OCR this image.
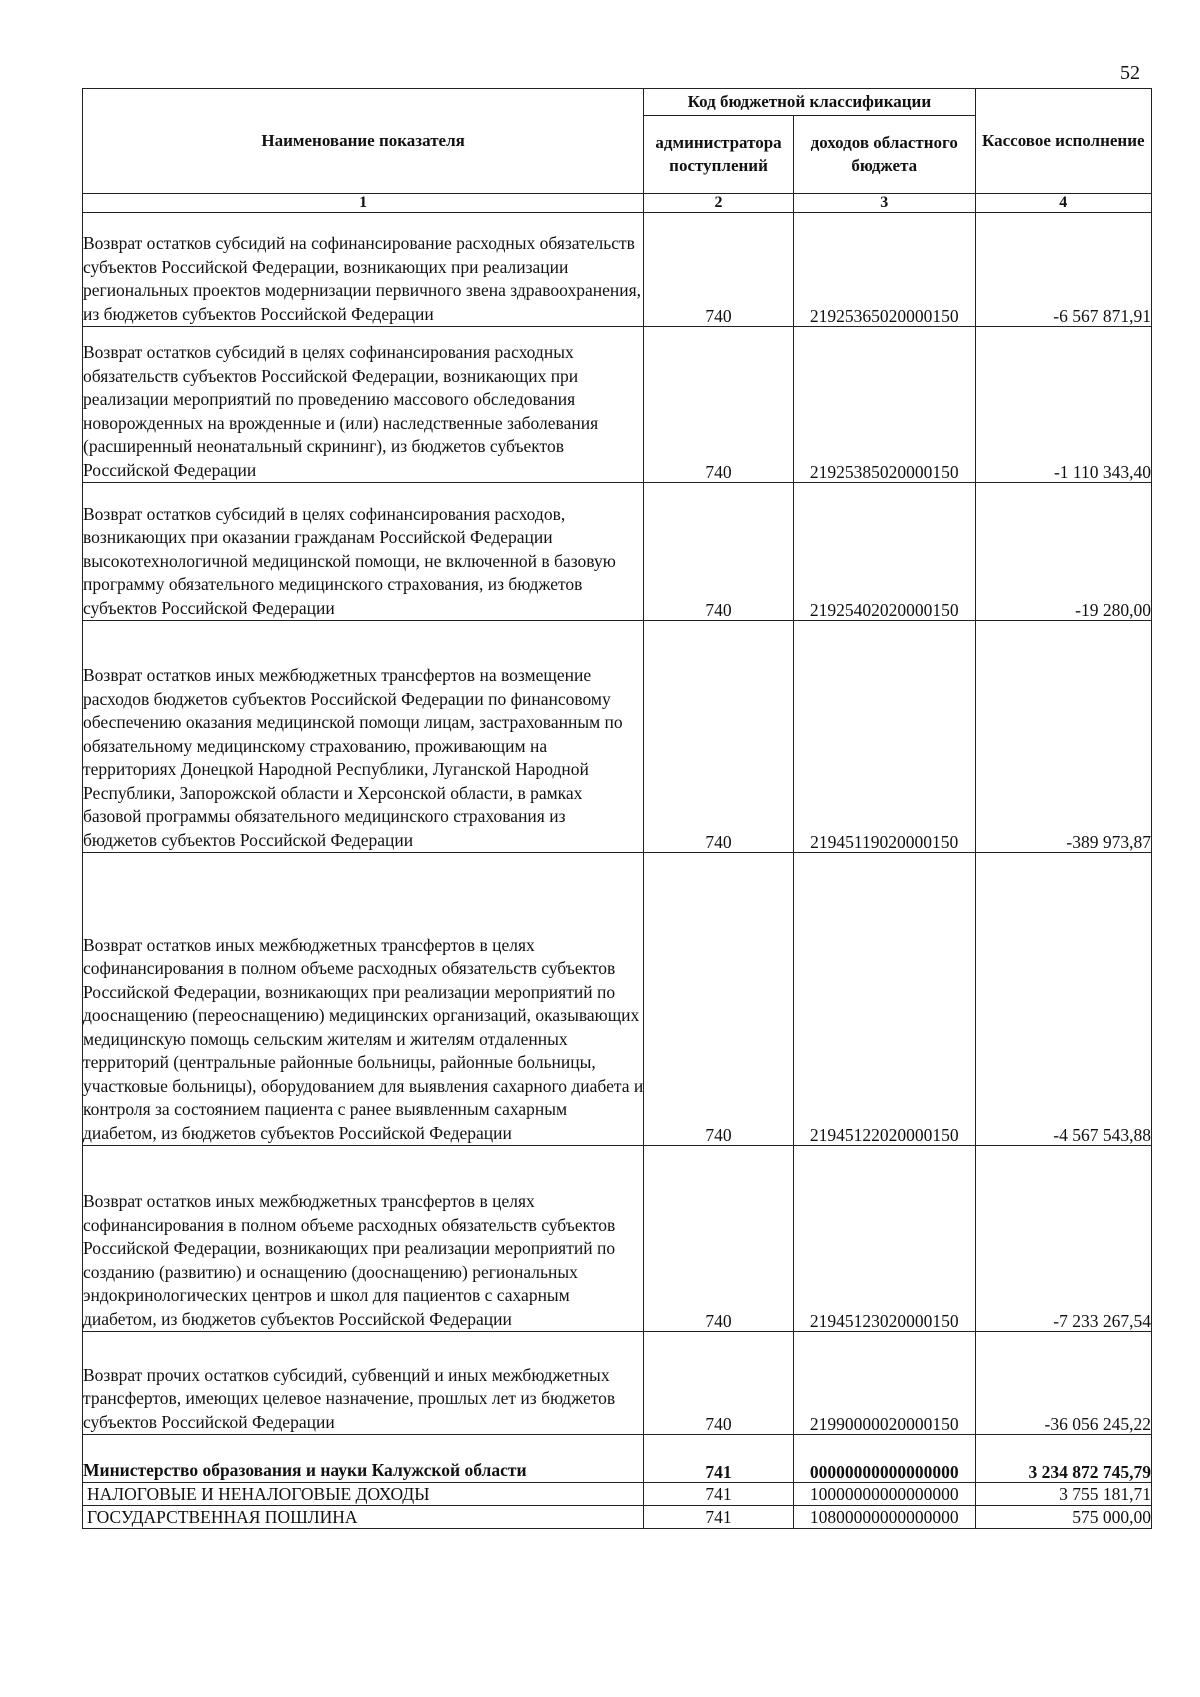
52
Наименование показателя	Код бюджетной классификации		Кассовое исполнение
	администратора поступлений	доходов областного бюджета	
1	2	3	4
Возврат остатков субсидий на софинансирование расходных обязательств субъектов Российской Федерации, возникающих при реализации региональных проектов модернизации первичного звена здравоохранения, из бюджетов субъектов Российской Федерации	740	21925365020000150	-6 567 871,91
Возврат остатков субсидий в целях софинансирования расходных обязательств субъектов Российской Федерации, возникающих при реализации мероприятий по проведению массового обследования новорожденных на врожденные и (или) наследственные заболевания (расширенный неонатальный скрининг), из бюджетов субъектов Российской Федерации	740	21925385020000150	-1 110 343,40
Возврат остатков субсидий в целях софинансирования расходов, возникающих при оказании гражданам Российской Федерации высокотехнологичной медицинской помощи, не включенной в базовую программу обязательного медицинского страхования, из бюджетов субъектов Российской Федерации	740	21925402020000150	-19 280,00
Возврат остатков иных межбюджетных трансфертов на возмещение расходов бюджетов субъектов Российской Федерации по финансовому обеспечению оказания медицинской помощи лицам, застрахованным по обязательному медицинскому страхованию, проживающим на территориях Донецкой Народной Республики, Луганской Народной Республики, Запорожской области и Херсонской области, в рамках базовой программы обязательного медицинского страхования из бюджетов субъектов Российской Федерации	740	21945119020000150	-389 973,87
Возврат остатков иных межбюджетных трансфертов в целях софинансирования в полном объеме расходных обязательств субъектов Российской Федерации, возникающих при реализации мероприятий по дооснащению (переоснащению) медицинских организаций, оказывающих медицинскую помощь сельским жителям и жителям отдаленных территорий (центральные районные больницы, районные больницы, участковые больницы), оборудованием для выявления сахарного диабета и контроля за состоянием пациента с ранее выявленным сахарным диабетом, из бюджетов субъектов Российской Федерации	740	21945122020000150	-4 567 543,88
Возврат остатков иных межбюджетных трансфертов в целях софинансирования в полном объеме расходных обязательств субъектов Российской Федерации, возникающих при реализации мероприятий по созданию (развитию) и оснащению (дооснащению) региональных эндокринологических центров и школ для пациентов с сахарным диабетом, из бюджетов субъектов Российской Федерации	740	21945123020000150	-7 233 267,54
Возврат прочих остатков субсидий, субвенций и иных межбюджетных трансфертов, имеющих целевое назначение, прошлых лет из бюджетов субъектов Российской Федерации	740	21990000020000150	-36 056 245,22
Министерство образования и науки Калужской области	741	00000000000000000	3 234 872 745,79
НАЛОГОВЫЕ И НЕНАЛОГОВЫЕ ДОХОДЫ	741	10000000000000000	3 755 181,71
ГОСУДАРСТВЕННАЯ ПОШЛИНА	741	10800000000000000	575 000,00
